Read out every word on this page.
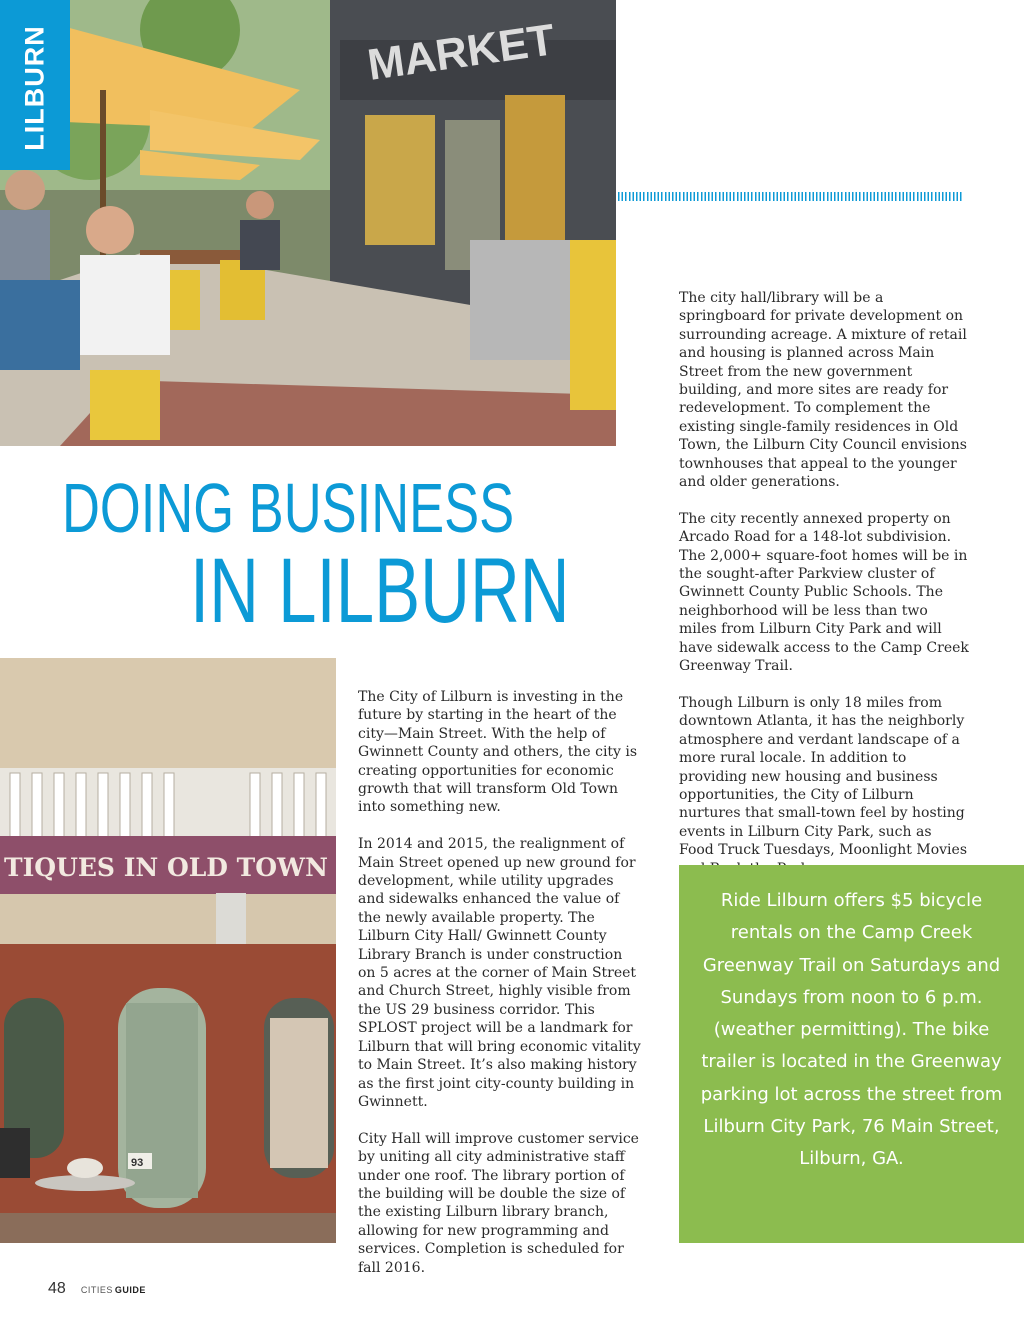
MARKET
LILBURN
DOING BUSINESS
IN LILBURN
TIQUES IN OLD TOWN
93

The City of Lilburn is investing in the future by starting in the heart of the city—Main Street. With the help of Gwinnett County and others, the city is creating opportunities for economic growth that will transform Old Town into something new.

In 2014 and 2015, the realignment of Main Street opened up new ground for development, while utility upgrades and sidewalks enhanced the value of the newly available property. The Lilburn City Hall/ Gwinnett County Library Branch is under construction on 5 acres at the corner of Main Street and Church Street, highly visible from the US 29 business corridor. This SPLOST project will be a landmark for Lilburn that will bring economic vitality to Main Street. It’s also making history as the first joint city-county building in Gwinnett.

City Hall will improve customer service by uniting all city administrative staff under one roof. The library portion of the building will be double the size of the existing Lilburn library branch, allowing for new programming and services. Completion is scheduled for fall 2016.

The city hall/library will be a springboard for private development on surrounding acreage. A mixture of retail and housing is planned across Main Street from the new government building, and more sites are ready for redevelopment. To complement the existing single-family residences in Old Town, the Lilburn City Council envisions townhouses that appeal to the younger and older generations.

The city recently annexed property on Arcado Road for a 148-lot subdivision. The 2,000+ square-foot homes will be in the sought-after Parkview cluster of Gwinnett County Public Schools. The neighborhood will be less than two miles from Lilburn City Park and will have sidewalk access to the Camp Creek Greenway Trail.

Though Lilburn is only 18 miles from downtown Atlanta, it has the neighborly atmosphere and verdant landscape of a more rural locale. In addition to providing new housing and business opportunities, the City of Lilburn nurtures that small-town feel by hosting events in Lilburn City Park, such as Food Truck Tuesdays, Moonlight Movies

Ride Lilburn offers $5 bicycle rentals on the Camp Creek Greenway Trail on Saturdays and Sundays from noon to 6 p.m. (weather permitting). The bike trailer is located in the Greenway parking lot across the street from Lilburn City Park, 76 Main Street, Lilburn, GA.

48 CITIES GUIDE
